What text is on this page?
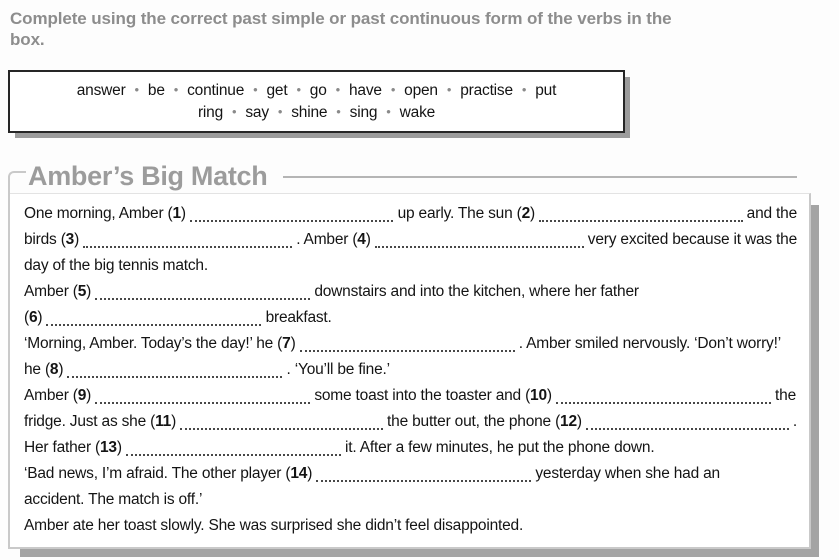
Complete using the correct past simple or past continuous form of the verbs in the box.

answer • be • continue • get • go • have • open • practise • put
ring • say • shine • sing • wake
Amber’s Big Match
One morning, Amber ( 1 )	up early. The sun ( 2 )	and the
birds ( 3 )	. Amber ( 4 )	very excited because it was the
day of the big tennis match.
Amber ( 5 )	downstairs and into the kitchen, where her father
( 6 )	breakfast.
‘Morning, Amber. Today’s the day!’ he ( 7 )	. Amber smiled nervously. ‘Don’t worry!’
he ( 8 )	. ‘You’ll be fine.’
Amber ( 9 )	some toast into the toaster and ( 10 )	the
fridge. Just as she ( 11 )	the butter out, the phone ( 12 )	.
Her father ( 13 )	it. After a few minutes, he put the phone down.
‘Bad news, I’m afraid. The other player ( 14 )	yesterday when she had an
accident. The match is off.’
Amber ate her toast slowly. She was surprised she didn’t feel disappointed.
